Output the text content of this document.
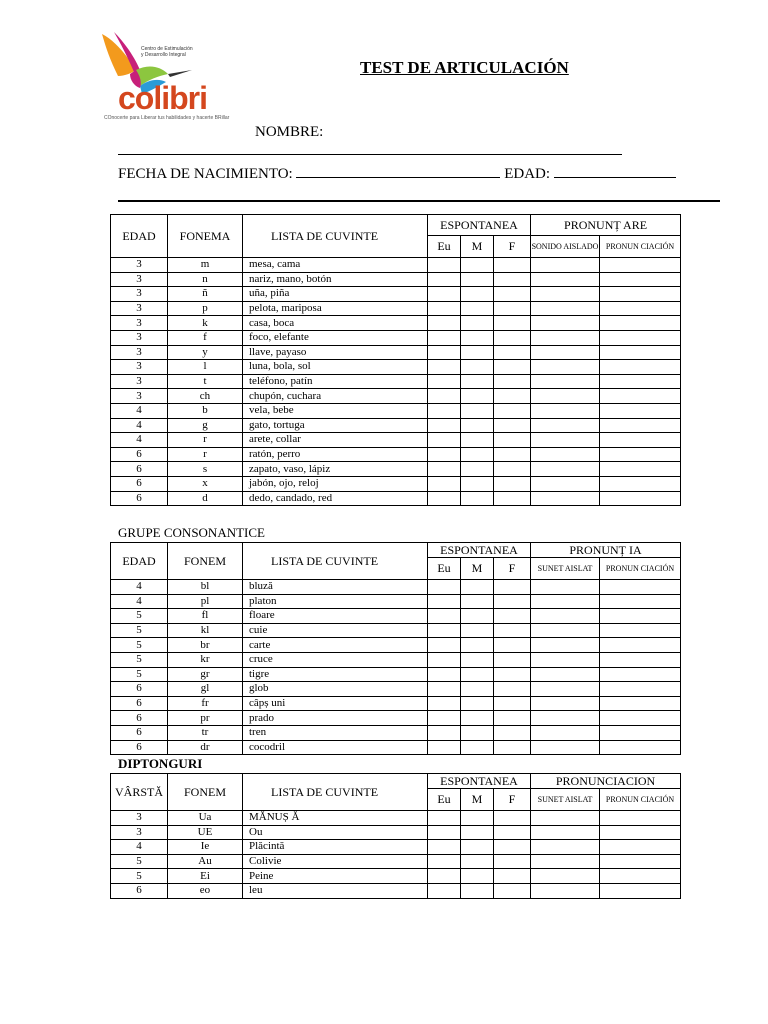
Centro de Estimulación
y Desarrollo Integral
colibri
COnocerte para Liberar tus habilidades y hacerte BRillar
TEST DE ARTICULACIÓN
NOMBRE:
FECHA DE NACIMIENTO:	EDAD:
EDAD	FONEMA	LISTA DE CUVINTE	ESPONTANEA			PRONUNȚ ARE	
			Eu	M	F	SONIDO AISLADO	PRONUN CIACIÓN
3	m	mesa, cama					
3	n	nariz, mano, botón					
3	ñ	uña, piña					
3	p	pelota, mariposa					
3	k	casa, boca					
3	f	foco, elefante					
3	y	llave, payaso					
3	l	luna, bola, sol					
3	t	teléfono, patín					
3	ch	chupón, cuchara					
4	b	vela, bebe					
4	g	gato, tortuga					
4	r	arete, collar					
6	r	ratón, perro					
6	s	zapato, vaso, lápiz					
6	x	jabón, ojo, reloj					
6	d	dedo, candado, red					
GRUPE CONSONANTICE
EDAD	FONEM	LISTA DE CUVINTE	ESPONTANEA			PRONUNȚ IA	
			Eu	M	F	SUNET AISLAT	PRONUN CIACIÓN
4	bl	bluză					
4	pl	platon					
5	fl	floare					
5	kl	cuie					
5	br	carte					
5	kr	cruce					
5	gr	tigre					
6	gl	glob					
6	fr	câpș uni					
6	pr	prado					
6	tr	tren					
6	dr	cocodril					
DIPTONGURI
VÂRSTĂ	FONEM	LISTA DE CUVINTE	ESPONTANEA			PRONUNCIACION	
			Eu	M	F	SUNET AISLAT	PRONUN CIACIÓN
3	Ua	MĂNUȘ Ă					
3	UE	Ou					
4	Ie	Plăcintă					
5	Au	Colivie					
5	Ei	Peine					
6	eo	leu					
